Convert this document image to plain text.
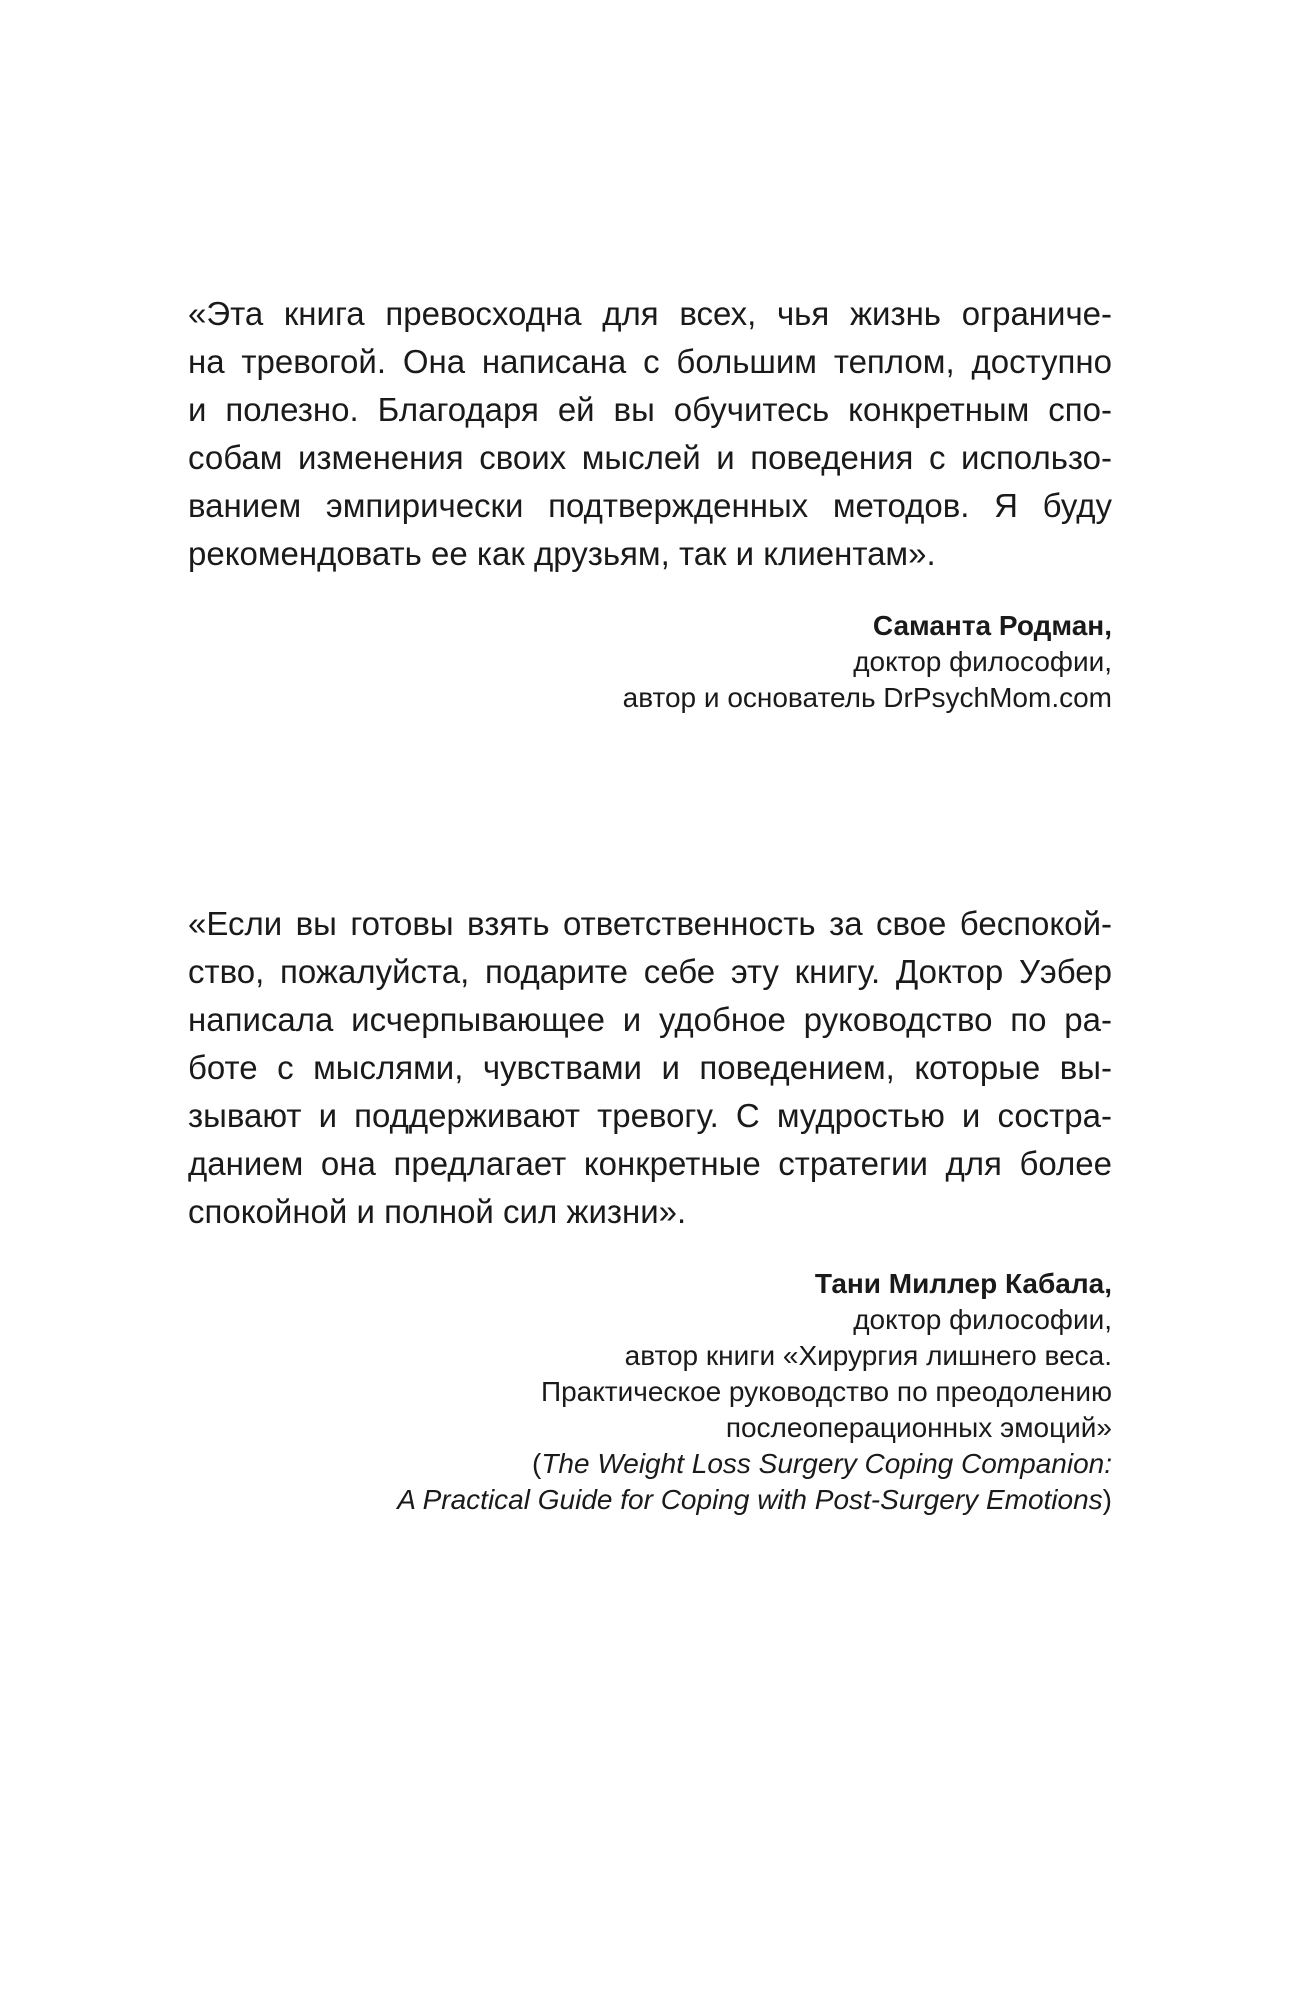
«Эта книга превосходна для всех, чья жизнь ограниче-
на тревогой. Она написана с большим теплом, доступно
и полезно. Благодаря ей вы обучитесь конкретным спо-
собам изменения своих мыслей и поведения с использо-
ванием эмпирически подтвержденных методов. Я буду
рекомендовать ее как друзьям, так и клиентам».
Саманта Родман,
доктор философии,
автор и основатель DrPsychMom.com
«Если вы готовы взять ответственность за свое беспокой-
ство, пожалуйста, подарите себе эту книгу. Доктор Уэбер
написала исчерпывающее и удобное руководство по ра-
боте с мыслями, чувствами и поведением, которые вы-
зывают и поддерживают тревогу. С мудростью и состра-
данием она предлагает конкретные стратегии для более
спокойной и полной сил жизни».
Тани Миллер Кабала,
доктор философии,
автор книги «Хирургия лишнего веса.
Практическое руководство по преодолению
послеоперационных эмоций»
(The Weight Loss Surgery Coping Companion:
A Practical Guide for Coping with Post-Surgery Emotions)
